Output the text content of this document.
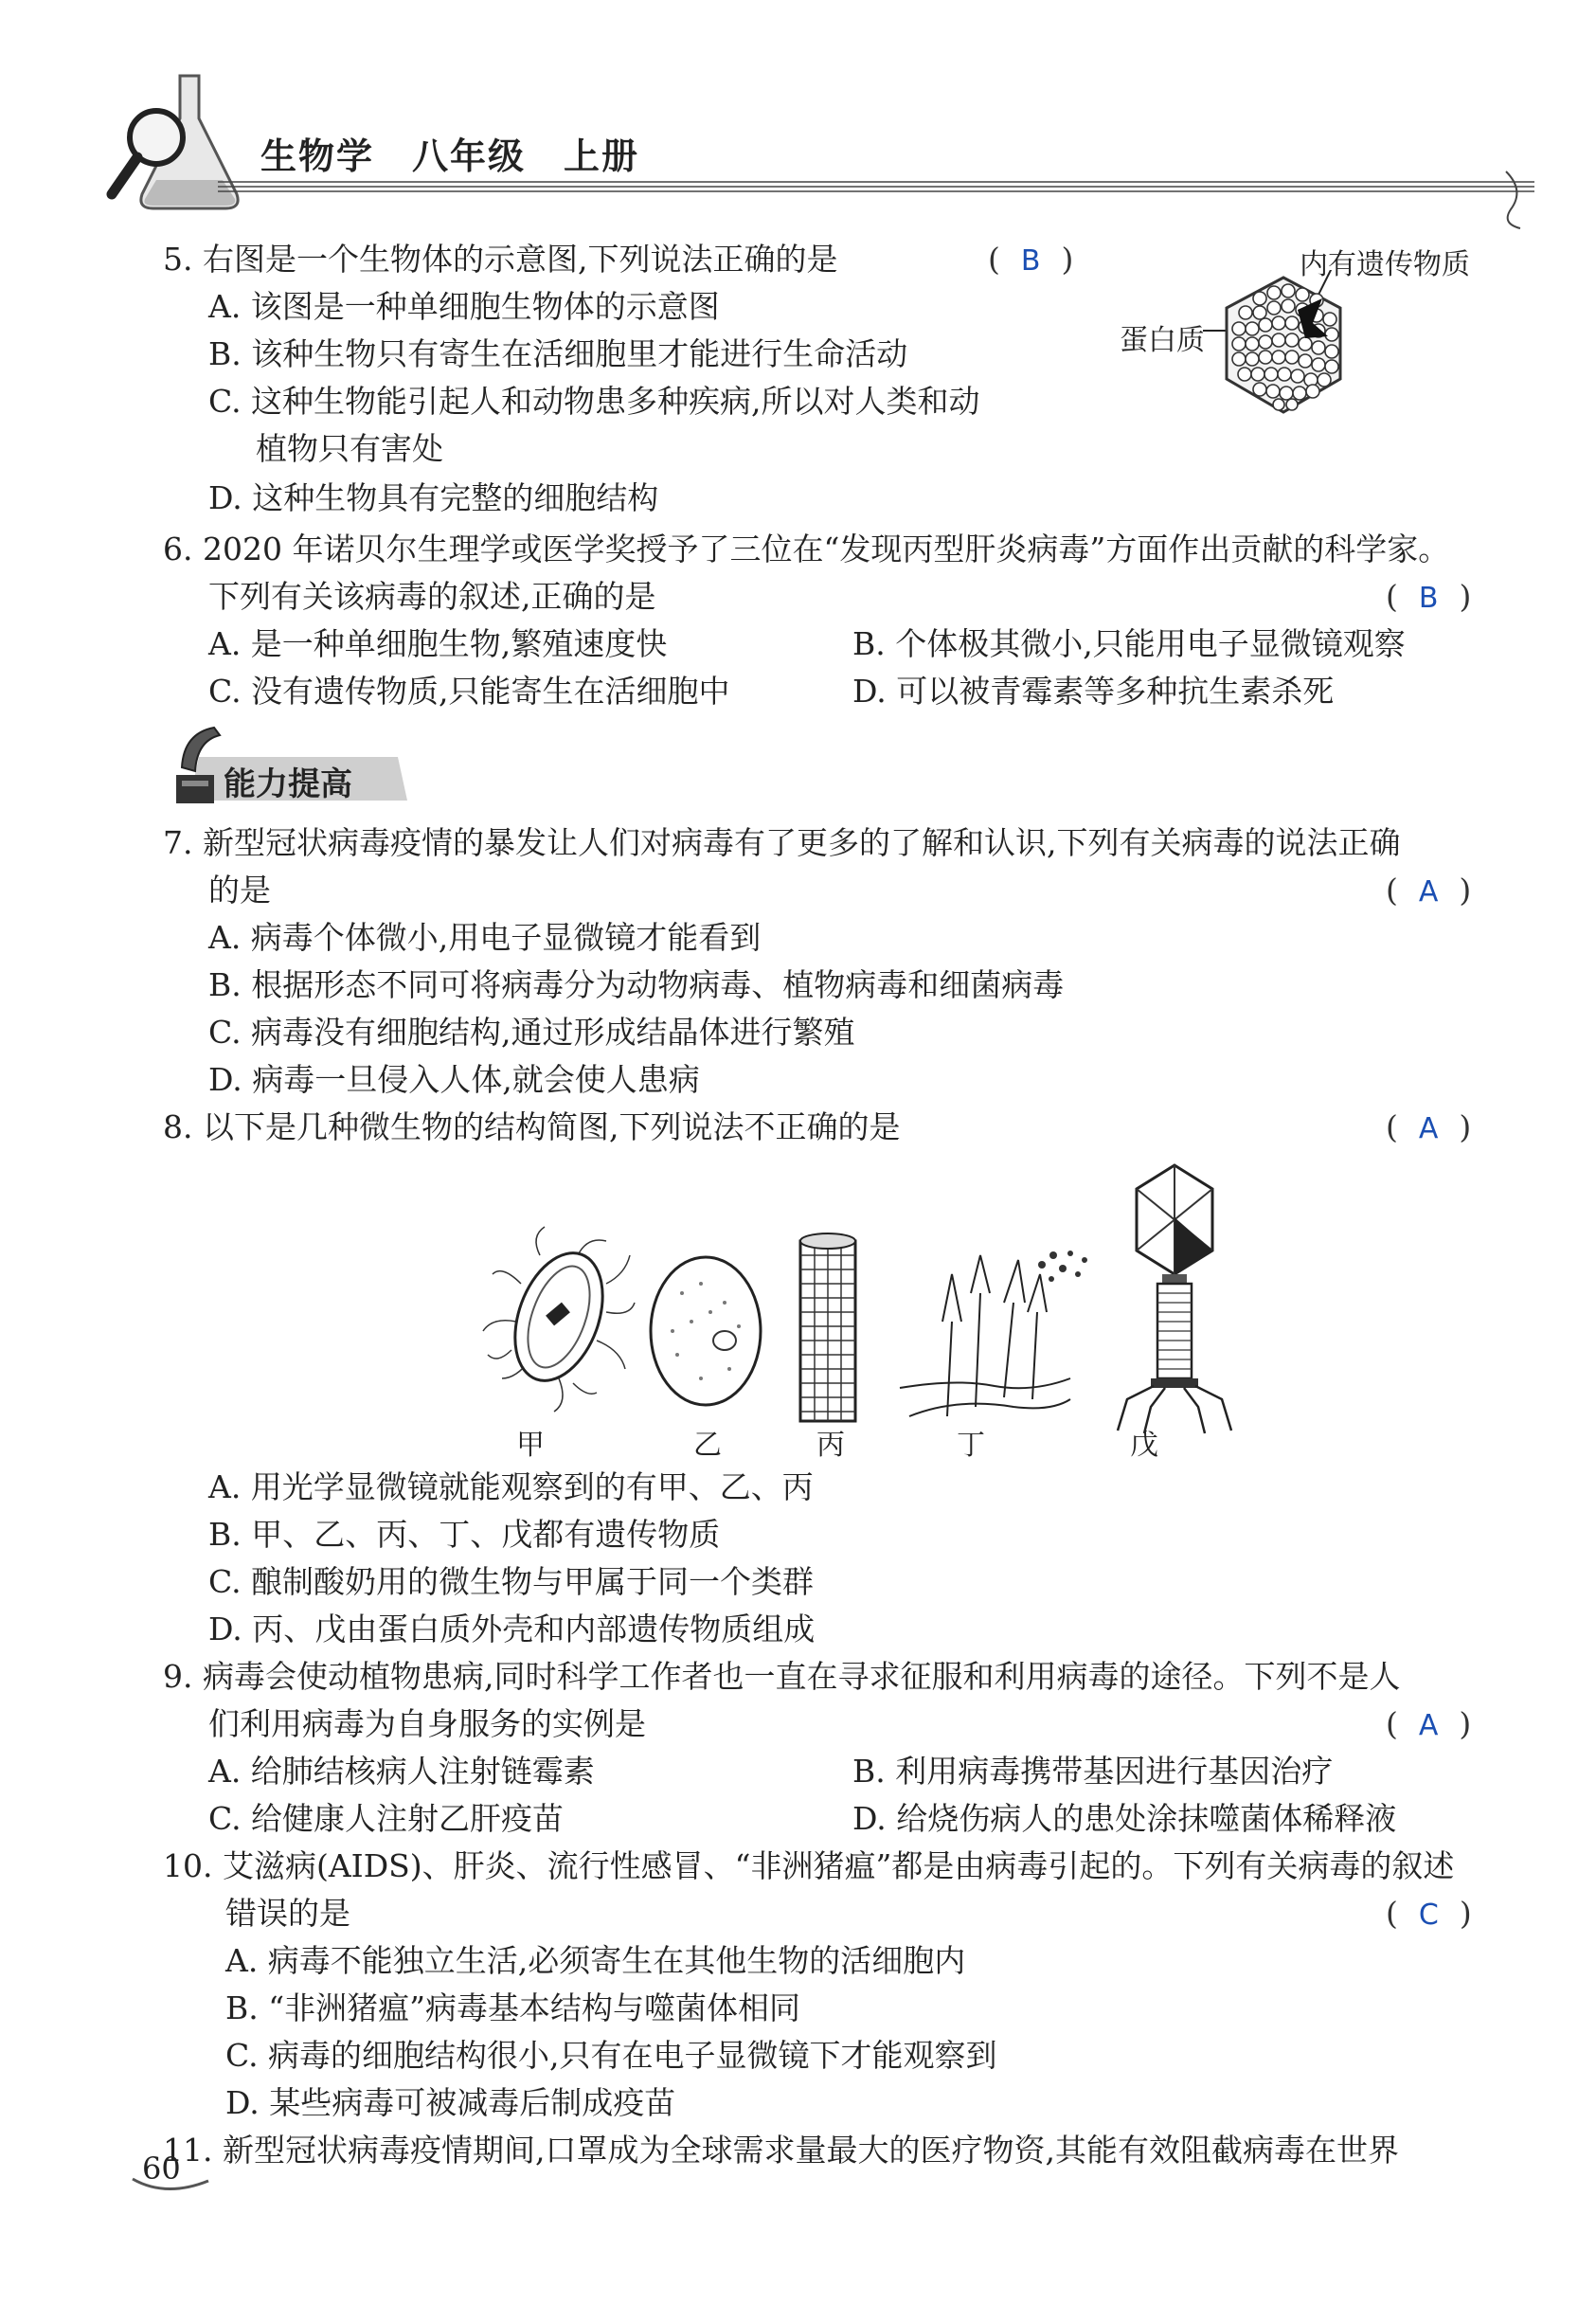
生物学　八年级　上册
5. 右图是一个生物体的示意图,下列说法正确的是	( B )
A. 该图是一种单细胞生物体的示意图
B. 该种生物只有寄生在活细胞里才能进行生命活动
C. 这种生物能引起人和动物患多种疾病,所以对人类和动
植物只有害处
D. 这种生物具有完整的细胞结构
内有遗传物质
蛋白质
6. 2020 年诺贝尔生理学或医学奖授予了三位在“发现丙型肝炎病毒”方面作出贡献的科学家。
下列有关该病毒的叙述,正确的是	( B )
A. 是一种单细胞生物,繁殖速度快	B. 个体极其微小,只能用电子显微镜观察
C. 没有遗传物质,只能寄生在活细胞中	D. 可以被青霉素等多种抗生素杀死
能力提高
7. 新型冠状病毒疫情的暴发让人们对病毒有了更多的了解和认识,下列有关病毒的说法正确
的是	( A )
A. 病毒个体微小,用电子显微镜才能看到
B. 根据形态不同可将病毒分为动物病毒、植物病毒和细菌病毒
C. 病毒没有细胞结构,通过形成结晶体进行繁殖
D. 病毒一旦侵入人体,就会使人患病
8. 以下是几种微生物的结构简图,下列说法不正确的是	( A )
甲	乙	丙	丁	戊
A. 用光学显微镜就能观察到的有甲、乙、丙
B. 甲、乙、丙、丁、戊都有遗传物质
C. 酿制酸奶用的微生物与甲属于同一个类群
D. 丙、戊由蛋白质外壳和内部遗传物质组成
9. 病毒会使动植物患病,同时科学工作者也一直在寻求征服和利用病毒的途径。下列不是人
们利用病毒为自身服务的实例是	( A )
A. 给肺结核病人注射链霉素	B. 利用病毒携带基因进行基因治疗
C. 给健康人注射乙肝疫苗	D. 给烧伤病人的患处涂抹噬菌体稀释液
10. 艾滋病(AIDS)、肝炎、流行性感冒、“非洲猪瘟”都是由病毒引起的。下列有关病毒的叙述
错误的是	( C )
A. 病毒不能独立生活,必须寄生在其他生物的活细胞内
B. “非洲猪瘟”病毒基本结构与噬菌体相同
C. 病毒的细胞结构很小,只有在电子显微镜下才能观察到
D. 某些病毒可被减毒后制成疫苗
11. 新型冠状病毒疫情期间,口罩成为全球需求量最大的医疗物资,其能有效阻截病毒在世界
60
